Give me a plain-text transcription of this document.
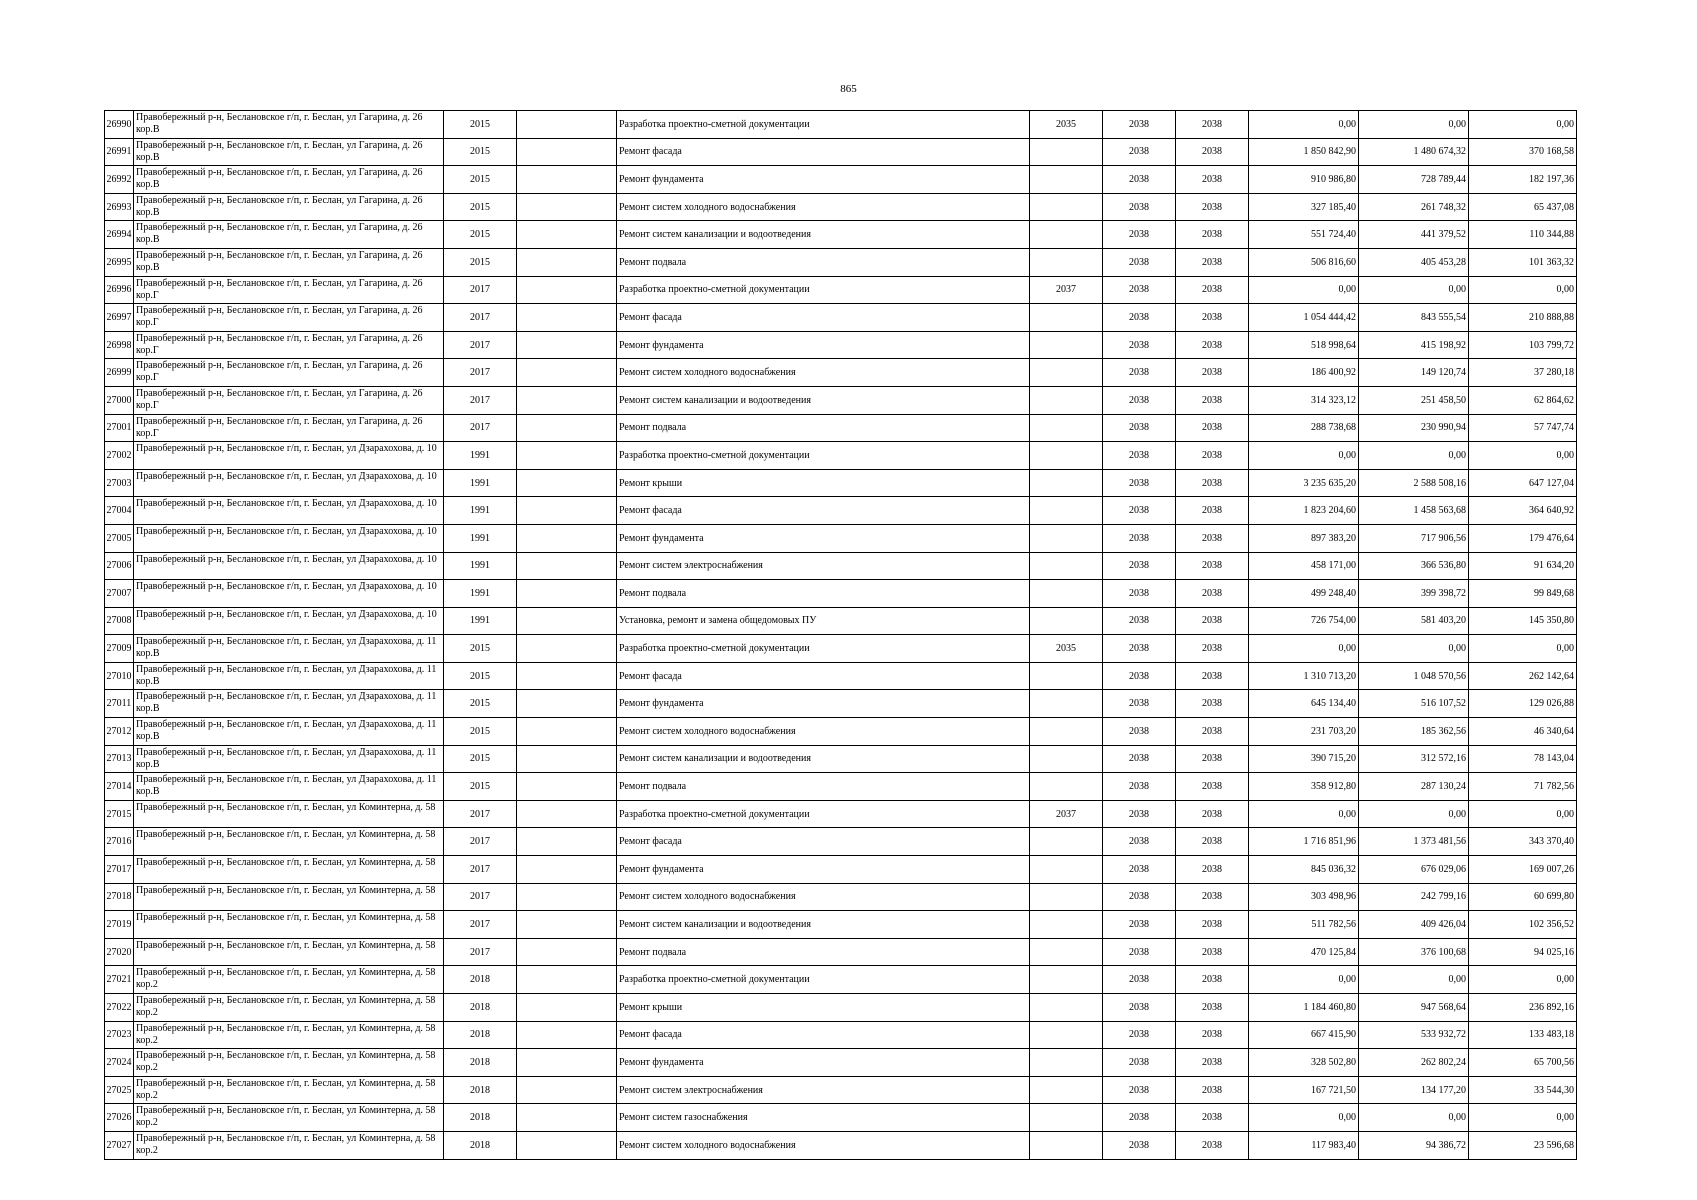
865
26990	Правобережный р-н, Беслановское г/п, г. Беслан, ул Гагарина, д. 26 кор.В	2015		Разработка проектно-сметной документации	2035	2038	2038	0,00	0,00	0,00
26991	Правобережный р-н, Беслановское г/п, г. Беслан, ул Гагарина, д. 26 кор.В	2015		Ремонт фасада		2038	2038	1 850 842,90	1 480 674,32	370 168,58
26992	Правобережный р-н, Беслановское г/п, г. Беслан, ул Гагарина, д. 26 кор.В	2015		Ремонт фундамента		2038	2038	910 986,80	728 789,44	182 197,36
26993	Правобережный р-н, Беслановское г/п, г. Беслан, ул Гагарина, д. 26 кор.В	2015		Ремонт систем холодного водоснабжения		2038	2038	327 185,40	261 748,32	65 437,08
26994	Правобережный р-н, Беслановское г/п, г. Беслан, ул Гагарина, д. 26 кор.В	2015		Ремонт систем канализации и водоотведения		2038	2038	551 724,40	441 379,52	110 344,88
26995	Правобережный р-н, Беслановское г/п, г. Беслан, ул Гагарина, д. 26 кор.В	2015		Ремонт подвала		2038	2038	506 816,60	405 453,28	101 363,32
26996	Правобережный р-н, Беслановское г/п, г. Беслан, ул Гагарина, д. 26 кор.Г	2017		Разработка проектно-сметной документации	2037	2038	2038	0,00	0,00	0,00
26997	Правобережный р-н, Беслановское г/п, г. Беслан, ул Гагарина, д. 26 кор.Г	2017		Ремонт фасада		2038	2038	1 054 444,42	843 555,54	210 888,88
26998	Правобережный р-н, Беслановское г/п, г. Беслан, ул Гагарина, д. 26 кор.Г	2017		Ремонт фундамента		2038	2038	518 998,64	415 198,92	103 799,72
26999	Правобережный р-н, Беслановское г/п, г. Беслан, ул Гагарина, д. 26 кор.Г	2017		Ремонт систем холодного водоснабжения		2038	2038	186 400,92	149 120,74	37 280,18
27000	Правобережный р-н, Беслановское г/п, г. Беслан, ул Гагарина, д. 26 кор.Г	2017		Ремонт систем канализации и водоотведения		2038	2038	314 323,12	251 458,50	62 864,62
27001	Правобережный р-н, Беслановское г/п, г. Беслан, ул Гагарина, д. 26 кор.Г	2017		Ремонт подвала		2038	2038	288 738,68	230 990,94	57 747,74
27002	Правобережный р-н, Беслановское г/п, г. Беслан, ул Дзарахохова, д. 10	1991		Разработка проектно-сметной документации		2038	2038	0,00	0,00	0,00
27003	Правобережный р-н, Беслановское г/п, г. Беслан, ул Дзарахохова, д. 10	1991		Ремонт крыши		2038	2038	3 235 635,20	2 588 508,16	647 127,04
27004	Правобережный р-н, Беслановское г/п, г. Беслан, ул Дзарахохова, д. 10	1991		Ремонт фасада		2038	2038	1 823 204,60	1 458 563,68	364 640,92
27005	Правобережный р-н, Беслановское г/п, г. Беслан, ул Дзарахохова, д. 10	1991		Ремонт фундамента		2038	2038	897 383,20	717 906,56	179 476,64
27006	Правобережный р-н, Беслановское г/п, г. Беслан, ул Дзарахохова, д. 10	1991		Ремонт систем электроснабжения		2038	2038	458 171,00	366 536,80	91 634,20
27007	Правобережный р-н, Беслановское г/п, г. Беслан, ул Дзарахохова, д. 10	1991		Ремонт подвала		2038	2038	499 248,40	399 398,72	99 849,68
27008	Правобережный р-н, Беслановское г/п, г. Беслан, ул Дзарахохова, д. 10	1991		Установка, ремонт и замена общедомовых ПУ		2038	2038	726 754,00	581 403,20	145 350,80
27009	Правобережный р-н, Беслановское г/п, г. Беслан, ул Дзарахохова, д. 11 кор.В	2015		Разработка проектно-сметной документации	2035	2038	2038	0,00	0,00	0,00
27010	Правобережный р-н, Беслановское г/п, г. Беслан, ул Дзарахохова, д. 11 кор.В	2015		Ремонт фасада		2038	2038	1 310 713,20	1 048 570,56	262 142,64
27011	Правобережный р-н, Беслановское г/п, г. Беслан, ул Дзарахохова, д. 11 кор.В	2015		Ремонт фундамента		2038	2038	645 134,40	516 107,52	129 026,88
27012	Правобережный р-н, Беслановское г/п, г. Беслан, ул Дзарахохова, д. 11 кор.В	2015		Ремонт систем холодного водоснабжения		2038	2038	231 703,20	185 362,56	46 340,64
27013	Правобережный р-н, Беслановское г/п, г. Беслан, ул Дзарахохова, д. 11 кор.В	2015		Ремонт систем канализации и водоотведения		2038	2038	390 715,20	312 572,16	78 143,04
27014	Правобережный р-н, Беслановское г/п, г. Беслан, ул Дзарахохова, д. 11 кор.В	2015		Ремонт подвала		2038	2038	358 912,80	287 130,24	71 782,56
27015	Правобережный р-н, Беслановское г/п, г. Беслан, ул Коминтерна, д. 58	2017		Разработка проектно-сметной документации	2037	2038	2038	0,00	0,00	0,00
27016	Правобережный р-н, Беслановское г/п, г. Беслан, ул Коминтерна, д. 58	2017		Ремонт фасада		2038	2038	1 716 851,96	1 373 481,56	343 370,40
27017	Правобережный р-н, Беслановское г/п, г. Беслан, ул Коминтерна, д. 58	2017		Ремонт фундамента		2038	2038	845 036,32	676 029,06	169 007,26
27018	Правобережный р-н, Беслановское г/п, г. Беслан, ул Коминтерна, д. 58	2017		Ремонт систем холодного водоснабжения		2038	2038	303 498,96	242 799,16	60 699,80
27019	Правобережный р-н, Беслановское г/п, г. Беслан, ул Коминтерна, д. 58	2017		Ремонт систем канализации и водоотведения		2038	2038	511 782,56	409 426,04	102 356,52
27020	Правобережный р-н, Беслановское г/п, г. Беслан, ул Коминтерна, д. 58	2017		Ремонт подвала		2038	2038	470 125,84	376 100,68	94 025,16
27021	Правобережный р-н, Беслановское г/п, г. Беслан, ул Коминтерна, д. 58 кор.2	2018		Разработка проектно-сметной документации		2038	2038	0,00	0,00	0,00
27022	Правобережный р-н, Беслановское г/п, г. Беслан, ул Коминтерна, д. 58 кор.2	2018		Ремонт крыши		2038	2038	1 184 460,80	947 568,64	236 892,16
27023	Правобережный р-н, Беслановское г/п, г. Беслан, ул Коминтерна, д. 58 кор.2	2018		Ремонт фасада		2038	2038	667 415,90	533 932,72	133 483,18
27024	Правобережный р-н, Беслановское г/п, г. Беслан, ул Коминтерна, д. 58 кор.2	2018		Ремонт фундамента		2038	2038	328 502,80	262 802,24	65 700,56
27025	Правобережный р-н, Беслановское г/п, г. Беслан, ул Коминтерна, д. 58 кор.2	2018		Ремонт систем электроснабжения		2038	2038	167 721,50	134 177,20	33 544,30
27026	Правобережный р-н, Беслановское г/п, г. Беслан, ул Коминтерна, д. 58 кор.2	2018		Ремонт систем газоснабжения		2038	2038	0,00	0,00	0,00
27027	Правобережный р-н, Беслановское г/п, г. Беслан, ул Коминтерна, д. 58 кор.2	2018		Ремонт систем холодного водоснабжения		2038	2038	117 983,40	94 386,72	23 596,68
